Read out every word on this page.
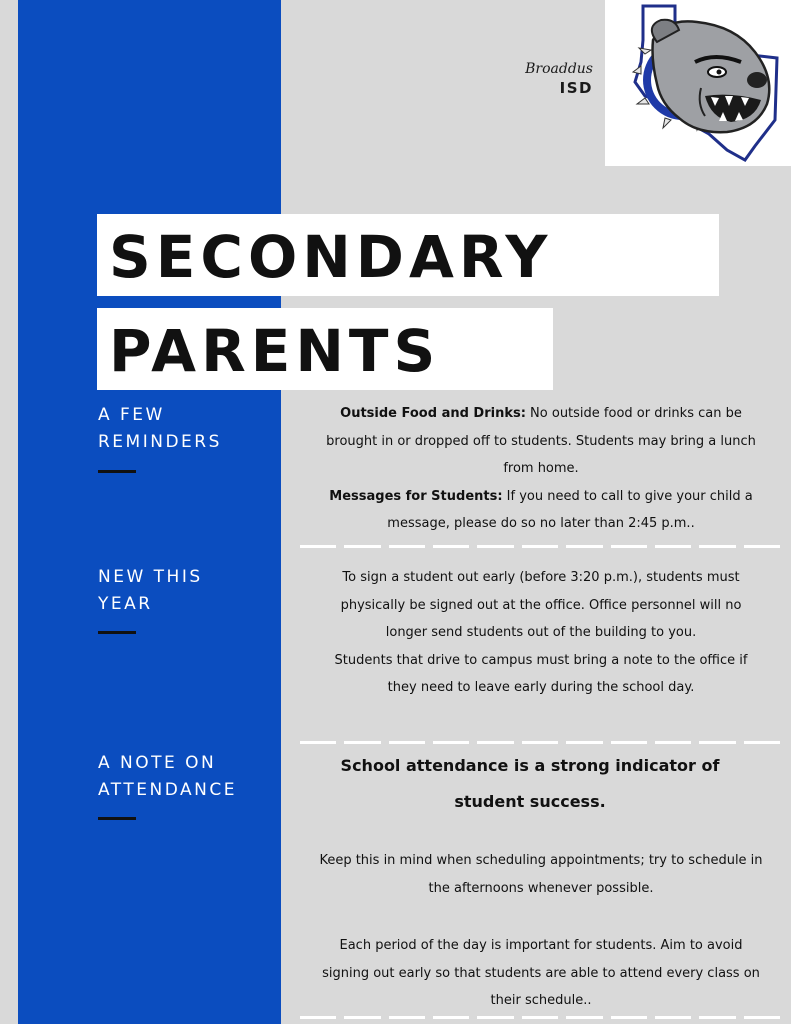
Broaddus
ISD
SECONDARY
PARENTS
A FEW
REMINDERS

Outside Food and Drinks: No outside food or drinks can be brought in or dropped off to students. Students may bring a lunch from home.

Messages for Students: If you need to call to give your child a message, please do so no later than 2:45 p.m..

NEW THIS
YEAR

To sign a student out early (before 3:20 p.m.), students must physically be signed out at the office. Office personnel will no longer send students out of the building to you.

Students that drive to campus must bring a note to the office if they need to leave early during the school day.

A NOTE ON
ATTENDANCE

School attendance is a strong indicator of student success.

Keep this in mind when scheduling appointments; try to schedule in the afternoons whenever possible.

Each period of the day is important for students. Aim to avoid signing out early so that students are able to attend every class on their schedule..
